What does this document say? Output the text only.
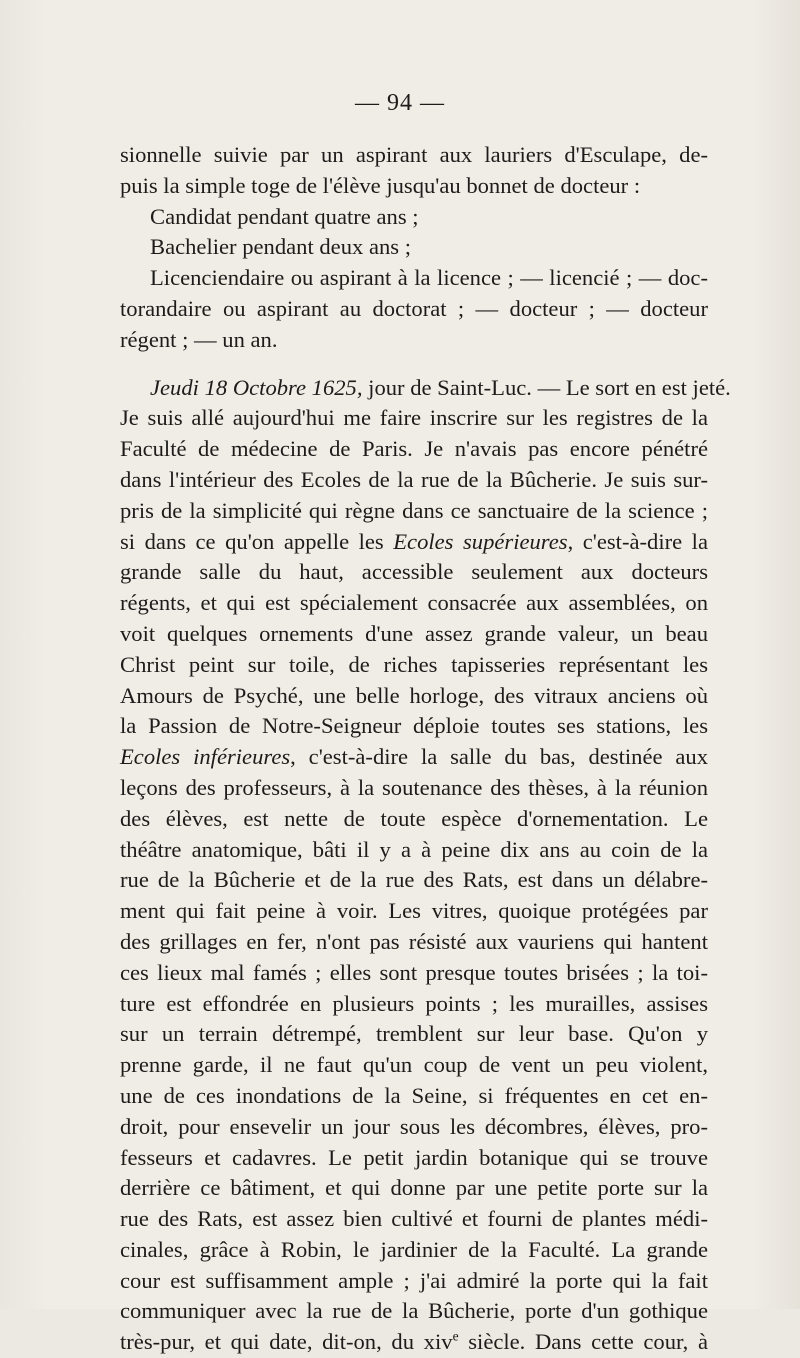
— 94 —
sionnelle suivie par un aspirant aux lauriers d'Esculape, de-
puis la simple toge de l'élève jusqu'au bonnet de docteur :
Candidat pendant quatre ans ;
Bachelier pendant deux ans ;
Licenciendaire ou aspirant à la licence ; — licencié ; — doc-
torandaire ou aspirant au doctorat ; — docteur ; — docteur
régent ; — un an.
Jeudi 18 Octobre 1625, jour de Saint-Luc. — Le sort en est jeté.
Je suis allé aujourd'hui me faire inscrire sur les registres de la
Faculté de médecine de Paris. Je n'avais pas encore pénétré
dans l'intérieur des Ecoles de la rue de la Bûcherie. Je suis sur-
pris de la simplicité qui règne dans ce sanctuaire de la science ;
si dans ce qu'on appelle les Ecoles supérieures, c'est-à-dire la
grande salle du haut, accessible seulement aux docteurs
régents, et qui est spécialement consacrée aux assemblées, on
voit quelques ornements d'une assez grande valeur, un beau
Christ peint sur toile, de riches tapisseries représentant les
Amours de Psyché, une belle horloge, des vitraux anciens où
la Passion de Notre-Seigneur déploie toutes ses stations, les
Ecoles inférieures, c'est-à-dire la salle du bas, destinée aux
leçons des professeurs, à la soutenance des thèses, à la réunion
des élèves, est nette de toute espèce d'ornementation. Le
théâtre anatomique, bâti il y a à peine dix ans au coin de la
rue de la Bûcherie et de la rue des Rats, est dans un délabre-
ment qui fait peine à voir. Les vitres, quoique protégées par
des grillages en fer, n'ont pas résisté aux vauriens qui hantent
ces lieux mal famés ; elles sont presque toutes brisées ; la toi-
ture est effondrée en plusieurs points ; les murailles, assises
sur un terrain détrempé, tremblent sur leur base. Qu'on y
prenne garde, il ne faut qu'un coup de vent un peu violent,
une de ces inondations de la Seine, si fréquentes en cet en-
droit, pour ensevelir un jour sous les décombres, élèves, pro-
fesseurs et cadavres. Le petit jardin botanique qui se trouve
derrière ce bâtiment, et qui donne par une petite porte sur la
rue des Rats, est assez bien cultivé et fourni de plantes médi-
cinales, grâce à Robin, le jardinier de la Faculté. La grande
cour est suffisamment ample ; j'ai admiré la porte qui la fait
communiquer avec la rue de la Bûcherie, porte d'un gothique
très-pur, et qui date, dit-on, du xiv$^e$ siècle. Dans cette cour, à
